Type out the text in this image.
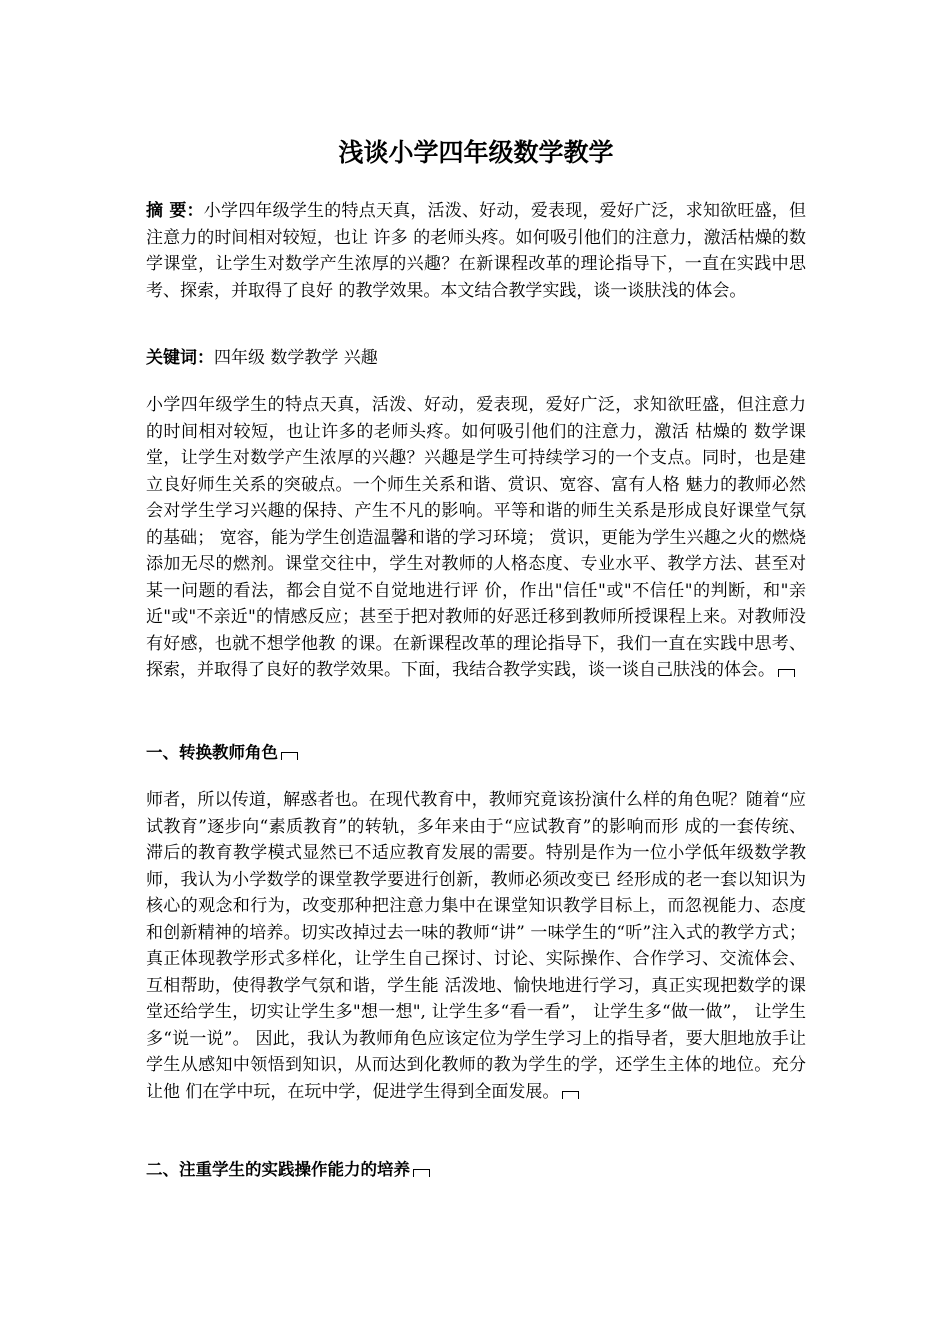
浅谈小学四年级数学教学
摘 要：小学四年级学生的特点天真，活泼、好动，爱表现，爱好广泛，求知欲旺盛，但注意力的时间相对较短，也让 许多 的老师头疼。如何吸引他们的注意力，激活枯燥的数学课堂，让学生对数学产生浓厚的兴趣？在新课程改革的理论指导下，一直在实践中思考、探索，并取得了良好 的教学效果。本文结合教学实践，谈一谈肤浅的体会。
关键词：四年级 数学教学 兴趣
小学四年级学生的特点天真，活泼、好动，爱表现，爱好广泛，求知欲旺盛，但注意力的时间相对较短，也让许多的老师头疼。如何吸引他们的注意力，激活 枯燥的 数学课堂，让学生对数学产生浓厚的兴趣？兴趣是学生可持续学习的一个支点。同时，也是建立良好师生关系的突破点。一个师生关系和谐、赏识、宽容、富有人格 魅力的教师必然会对学生学习兴趣的保持、产生不凡的影响。平等和谐的师生关系是形成良好课堂气氛的基础； 宽容，能为学生创造温馨和谐的学习环境； 赏识，更能为学生兴趣之火的燃烧添加无尽的燃剂。课堂交往中，学生对教师的人格态度、专业水平、教学方法、甚至对某一问题的看法，都会自觉不自觉地进行评 价，作出"信任"或"不信任"的判断，和"亲近"或"不亲近"的情感反应；甚至于把对教师的好恶迁移到教师所授课程上来。对教师没有好感，也就不想学他教 的课。在新课程改革的理论指导下，我们一直在实践中思考、探索，并取得了良好的教学效果。下面，我结合教学实践，谈一谈自己肤浅的体会。
一、转换教师角色
师者，所以传道，解惑者也。在现代教育中，教师究竟该扮演什么样的角色呢？随着“应试教育”逐步向“素质教育”的转轨，多年来由于“应试教育”的影响而形 成的一套传统、滞后的教育教学模式显然已不适应教育发展的需要。特别是作为一位小学低年级数学教师，我认为小学数学的课堂教学要进行创新，教师必须改变已 经形成的老一套以知识为核心的观念和行为，改变那种把注意力集中在课堂知识教学目标上，而忽视能力、态度和创新精神的培养。切实改掉过去一味的教师“讲” 一味学生的“听”注入式的教学方式；真正体现教学形式多样化，让学生自己探讨、讨论、实际操作、合作学习、交流体会、互相帮助，使得教学气氛和谐，学生能 活泼地、愉快地进行学习，真正实现把数学的课堂还给学生，切实让学生多"想一想", 让学生多“看一看”， 让学生多“做一做”， 让学生多“说一说”。 因此，我认为教师角色应该定位为学生学习上的指导者，要大胆地放手让学生从感知中领悟到知识，从而达到化教师的教为学生的学，还学生主体的地位。充分让他 们在学中玩，在玩中学，促进学生得到全面发展。
二、注重学生的实践操作能力的培养
